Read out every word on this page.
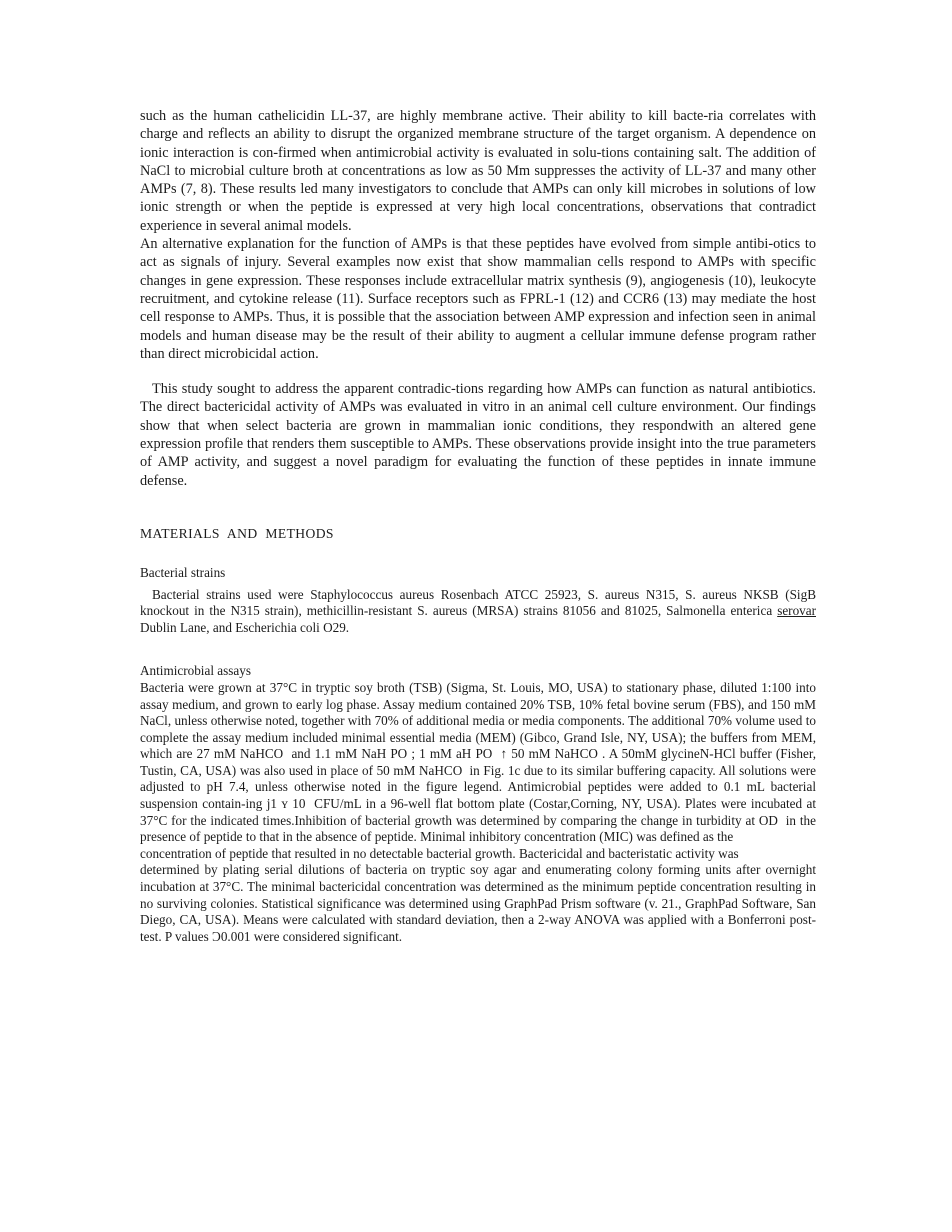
such as the human cathelicidin LL-37, are highly membrane active. Their ability to kill bacte-ria correlates with charge and reflects an ability to disrupt the organized membrane structure of the target organism. A dependence on ionic interaction is con-firmed when antimicrobial activity is evaluated in solu-tions containing salt. The addition of NaCl to microbial culture broth at concentrations as low as 50 Mm suppresses the activity of LL-37 and many other AMPs (7, 8). These results led many investigators to conclude that AMPs can only kill microbes in solutions of low ionic strength or when the peptide is expressed at very high local concentrations, observations that contradict experience in several animal models.

An alternative explanation for the function of AMPs is that these peptides have evolved from simple antibi-otics to act as signals of injury. Several examples now exist that show mammalian cells respond to AMPs with specific changes in gene expression. These responses include extracellular matrix synthesis (9), angiogenesis (10), leukocyte recruitment, and cytokine release (11). Surface receptors such as FPRL-1 (12) and CCR6 (13) may mediate the host cell response to AMPs. Thus, it is possible that the association between AMP expression and infection seen in animal models and human disease may be the result of their ability to augment a cellular immune defense program rather than direct microbicidal action.

This study sought to address the apparent contradic-tions regarding how AMPs can function as natural antibiotics. The direct bactericidal activity of AMPs was evaluated in vitro in an animal cell culture environment. Our findings show that when select bacteria are grown in mammalian ionic conditions, they respondwith an altered gene expression profile that renders them susceptible to AMPs. These observations provide insight into the true parameters of AMP activity, and suggest a novel paradigm for evaluating the function of these peptides in innate immune defense.

MATERIALS AND METHODS
Bacterial strains

Bacterial strains used were Staphylococcus aureus Rosenbach ATCC 25923, S. aureus N315, S. aureus NKSB (SigB knockout in the N315 strain), methicillin-resistant S. aureus (MRSA) strains 81056 and 81025, Salmonella enterica serovar Dublin Lane, and Escherichia coli O29.

Antimicrobial assays

Bacteria were grown at 37°C in tryptic soy broth (TSB) (Sigma, St. Louis, MO, USA) to stationary phase, diluted 1:100 into assay medium, and grown to early log phase. Assay medium contained 20% TSB, 10% fetal bovine serum (FBS), and 150 mM NaCl, unless otherwise noted, together with 70% of additional media or media components. The additional 70% volume used to complete the assay medium included minimal essential media (MEM) (Gibco, Grand Isle, NY, USA); the buffers from MEM, which are 27 mM NaHCO  and 1.1 mM NaH PO ; 1 mM aH PO  ↑ 50 mM NaHCO . A 50mM glycineN-HCl buffer (Fisher, Tustin, CA, USA) was also used in place of 50 mM NaHCO  in Fig. 1c due to its similar buffering capacity. All solutions were adjusted to pH 7.4, unless otherwise noted in the figure legend. Antimicrobial peptides were added to 0.1 mL bacterial suspension contain-ing j1 ʏ 10  CFU/mL in a 96-well flat bottom plate (Costar,Corning, NY, USA). Plates were incubated at 37°C for the indicated times.Inhibition of bacterial growth was determined by comparing the change in turbidity at OD  in the presence of peptide to that in the absence of peptide. Minimal inhibitory concentration (MIC) was defined as the

concentration of peptide that resulted in no detectable bacterial growth. Bactericidal and bacteristatic activity was

determined by plating serial dilutions of bacteria on tryptic soy agar and enumerating colony forming units after overnight incubation at 37°C. The minimal bactericidal concentration was determined as the minimum peptide concentration resulting in no surviving colonies. Statistical significance was determined using GraphPad Prism software (v. 21., GraphPad Software, San Diego, CA, USA). Means were calculated with standard deviation, then a 2-way ANOVA was applied with a Bonferroni post-test. P values Ɔ0.001 were considered significant.
